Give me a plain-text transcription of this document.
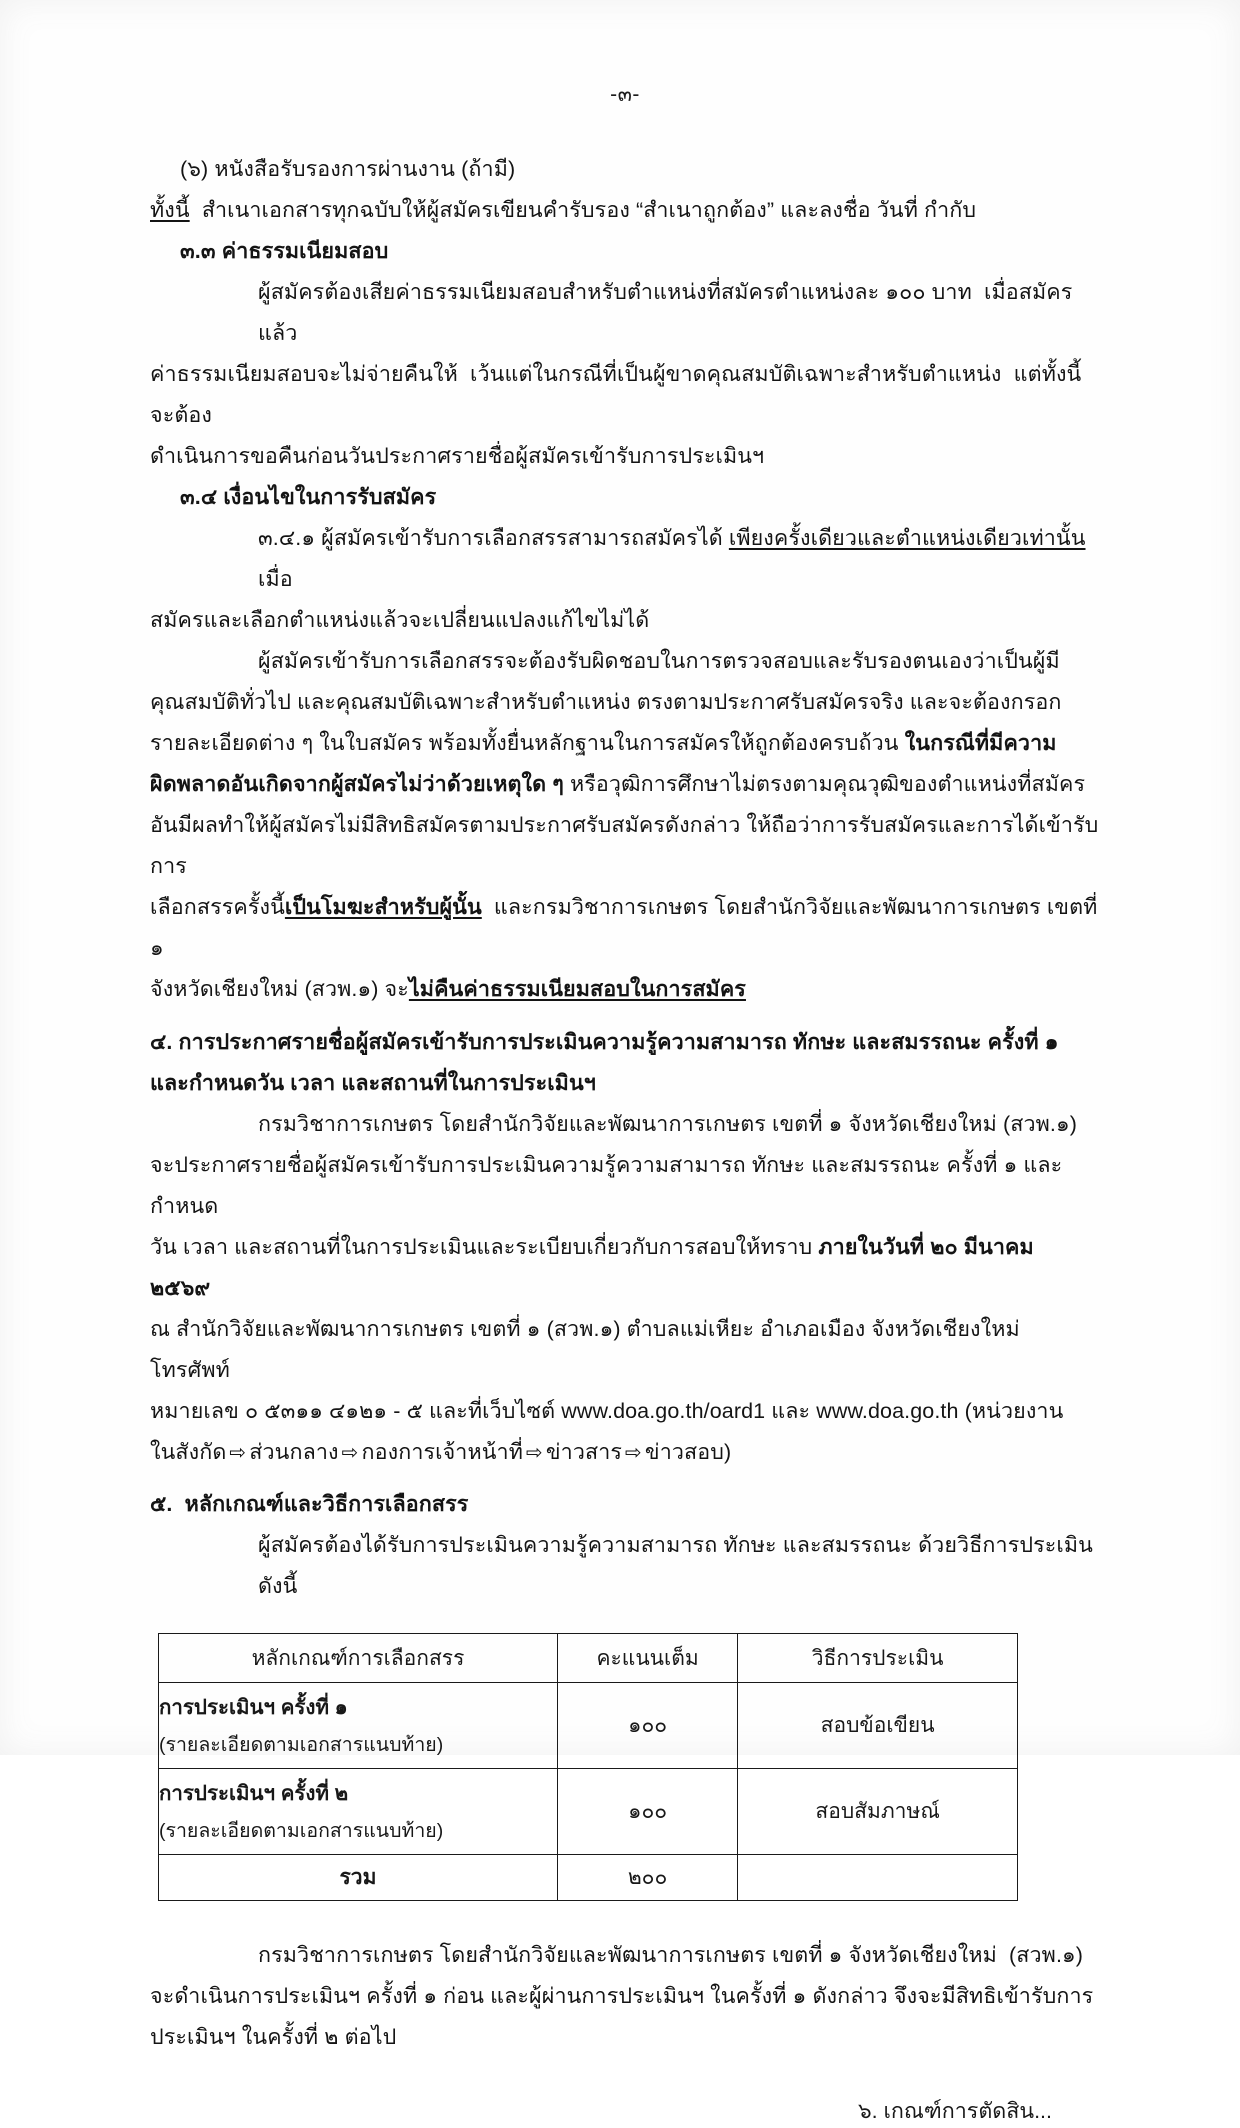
-๓-

(๖) หนังสือรับรองการผ่านงาน (ถ้ามี)

ทั้งนี้  สำเนาเอกสารทุกฉบับให้ผู้สมัครเขียนคำรับรอง “สำเนาถูกต้อง” และลงชื่อ วันที่ กำกับ

๓.๓ ค่าธรรมเนียมสอบ

ผู้สมัครต้องเสียค่าธรรมเนียมสอบสำหรับตำแหน่งที่สมัครตำแหน่งละ ๑๐๐ บาท  เมื่อสมัครแล้ว

ค่าธรรมเนียมสอบจะไม่จ่ายคืนให้  เว้นแต่ในกรณีที่เป็นผู้ขาดคุณสมบัติเฉพาะสำหรับตำแหน่ง  แต่ทั้งนี้จะต้อง

ดำเนินการขอคืนก่อนวันประกาศรายชื่อผู้สมัครเข้ารับการประเมินฯ

๓.๔ เงื่อนไขในการรับสมัคร

๓.๔.๑ ผู้สมัครเข้ารับการเลือกสรรสามารถสมัครได้ เพียงครั้งเดียวและตำแหน่งเดียวเท่านั้น เมื่อ

สมัครและเลือกตำแหน่งแล้วจะเปลี่ยนแปลงแก้ไขไม่ได้

ผู้สมัครเข้ารับการเลือกสรรจะต้องรับผิดชอบในการตรวจสอบและรับรองตนเองว่าเป็นผู้มี

คุณสมบัติทั่วไป และคุณสมบัติเฉพาะสำหรับตำแหน่ง ตรงตามประกาศรับสมัครจริง และจะต้องกรอก

รายละเอียดต่าง ๆ ในใบสมัคร พร้อมทั้งยื่นหลักฐานในการสมัครให้ถูกต้องครบถ้วน ในกรณีที่มีความ

ผิดพลาดอันเกิดจากผู้สมัครไม่ว่าด้วยเหตุใด ๆ หรือวุฒิการศึกษาไม่ตรงตามคุณวุฒิของตำแหน่งที่สมัคร

อันมีผลทำให้ผู้สมัครไม่มีสิทธิสมัครตามประกาศรับสมัครดังกล่าว ให้ถือว่าการรับสมัครและการได้เข้ารับการ

เลือกสรรครั้งนี้เป็นโมฆะสำหรับผู้นั้น  และกรมวิชาการเกษตร โดยสำนักวิจัยและพัฒนาการเกษตร เขตที่ ๑

จังหวัดเชียงใหม่ (สวพ.๑) จะไม่คืนค่าธรรมเนียมสอบในการสมัคร

๔. การประกาศรายชื่อผู้สมัครเข้ารับการประเมินความรู้ความสามารถ ทักษะ และสมรรถนะ ครั้งที่ ๑

และกำหนดวัน เวลา และสถานที่ในการประเมินฯ

กรมวิชาการเกษตร โดยสำนักวิจัยและพัฒนาการเกษตร เขตที่ ๑ จังหวัดเชียงใหม่ (สวพ.๑)

จะประกาศรายชื่อผู้สมัครเข้ารับการประเมินความรู้ความสามารถ ทักษะ และสมรรถนะ ครั้งที่ ๑ และกำหนด

วัน เวลา และสถานที่ในการประเมินและระเบียบเกี่ยวกับการสอบให้ทราบ ภายในวันที่ ๒๐ มีนาคม ๒๕๖๙

ณ สำนักวิจัยและพัฒนาการเกษตร เขตที่ ๑ (สวพ.๑) ตำบลแม่เหียะ อำเภอเมือง จังหวัดเชียงใหม่ โทรศัพท์

หมายเลข ๐ ๕๓๑๑ ๔๑๒๑ - ๕ และที่เว็บไซต์ www.doa.go.th/oard1 และ www.doa.go.th (หน่วยงาน

ในสังกัด ⇨ ส่วนกลาง ⇨ กองการเจ้าหน้าที่ ⇨ ข่าวสาร ⇨ ข่าวสอบ)

๕.  หลักเกณฑ์และวิธีการเลือกสรร

ผู้สมัครต้องได้รับการประเมินความรู้ความสามารถ ทักษะ และสมรรถนะ ด้วยวิธีการประเมิน ดังนี้

หลักเกณฑ์การเลือกสรร	คะแนนเต็ม	วิธีการประเมิน

การประเมินฯ ครั้งที่ ๑
(รายละเอียดตามเอกสารแนบท้าย)	๑๐๐	สอบข้อเขียน

การประเมินฯ ครั้งที่ ๒
(รายละเอียดตามเอกสารแนบท้าย)	๑๐๐	สอบสัมภาษณ์
รวม	๒๐๐	

กรมวิชาการเกษตร โดยสำนักวิจัยและพัฒนาการเกษตร เขตที่ ๑ จังหวัดเชียงใหม่  (สวพ.๑)

จะดำเนินการประเมินฯ ครั้งที่ ๑ ก่อน และผู้ผ่านการประเมินฯ ในครั้งที่ ๑ ดังกล่าว จึงจะมีสิทธิเข้ารับการ

ประเมินฯ ในครั้งที่ ๒ ต่อไป

๖. เกณฑ์การตัดสิน...
